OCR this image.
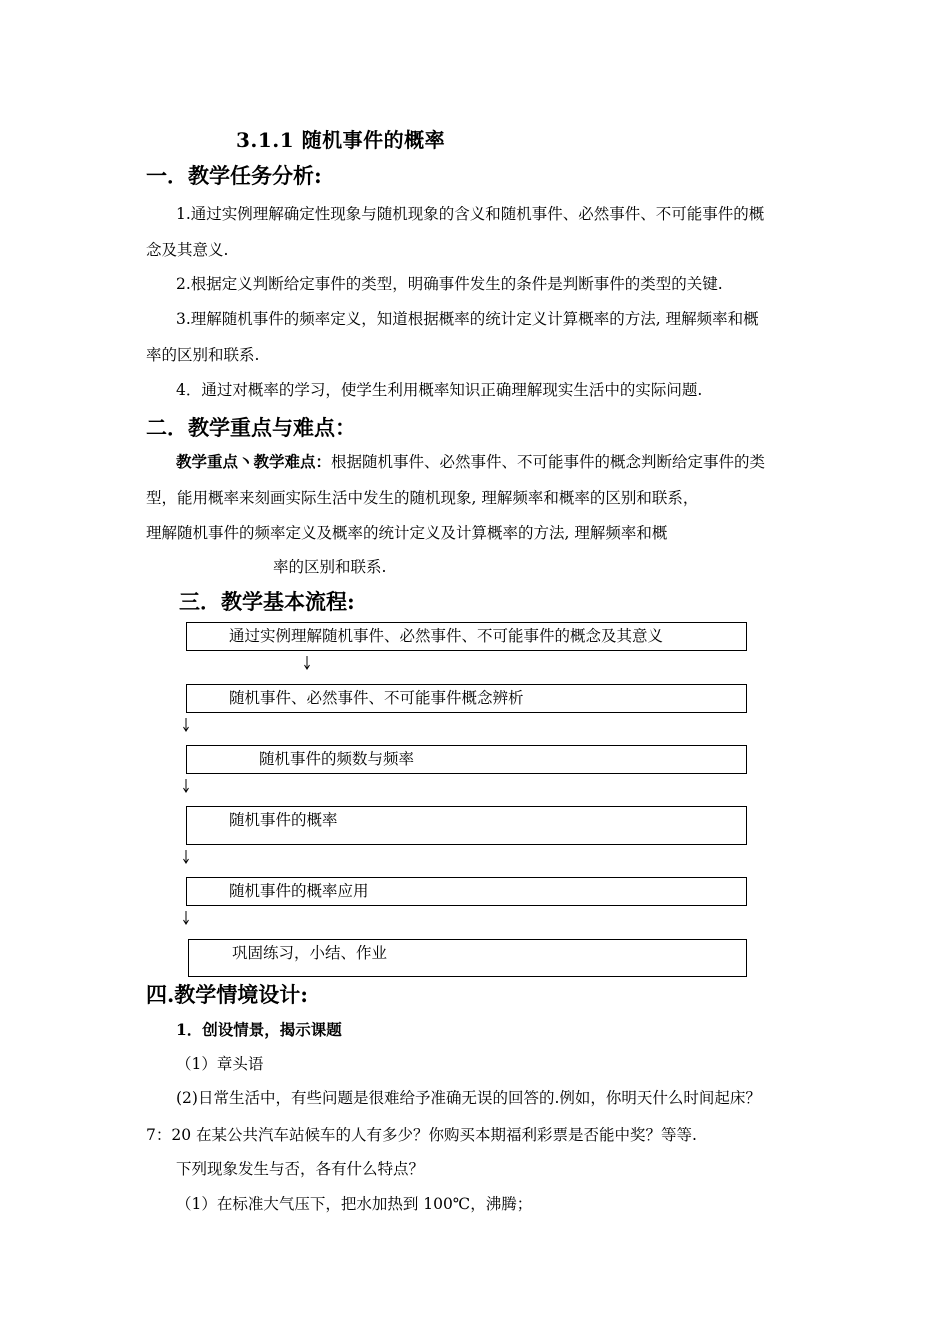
3.1.1 随机事件的概率
一．教学任务分析:
1.通过实例理解确定性现象与随机现象的含义和随机事件、必然事件、不可能事件的概
念及其意义.
2.根据定义判断给定事件的类型，明确事件发生的条件是判断事件的类型的关键.
3.理解随机事件的频率定义，知道根据概率的统计定义计算概率的方法, 理解频率和概
率的区别和联系.
4．通过对概率的学习，使学生利用概率知识正确理解现实生活中的实际问题.
二．教学重点与难点：
教学重点丶教学难点：根据随机事件、必然事件、不可能事件的概念判断给定事件的类
型，能用概率来刻画实际生活中发生的随机现象, 理解频率和概率的区别和联系，
理解随机事件的频率定义及概率的统计定义及计算概率的方法, 理解频率和概
率的区别和联系.
三．教学基本流程:
通过实例理解随机事件、必然事件、不可能事件的概念及其意义
随机事件、必然事件、不可能事件概念辨析
随机事件的频数与频率
随机事件的概率
随机事件的概率应用
巩固练习，小结、作业
四.教学情境设计:
1．创设情景，揭示课题
（1）章头语
(2)日常生活中，有些问题是很难给予准确无误的回答的.例如，你明天什么时间起床？
7：20 在某公共汽车站候车的人有多少？你购买本期福利彩票是否能中奖？等等.
下列现象发生与否，各有什么特点？
（1）在标准大气压下，把水加热到 100℃，沸腾；
